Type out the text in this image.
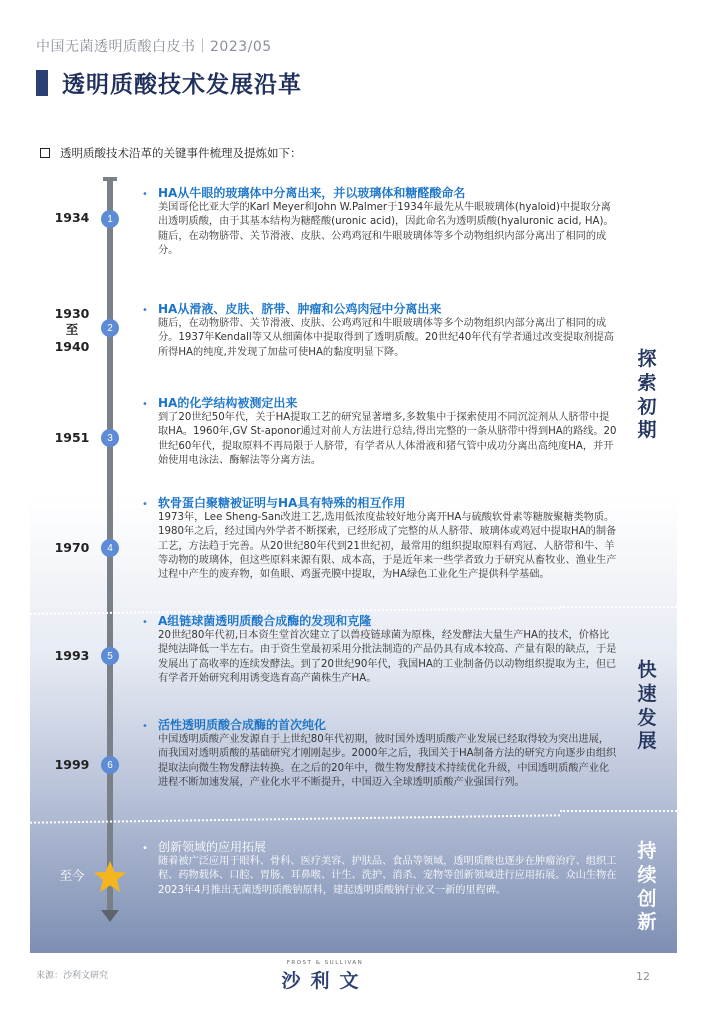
中国无菌透明质酸白皮书｜2023/05
透明质酸技术发展沿革
透明质酸技术沿革的关键事件梳理及提炼如下：
1934	1
• HA从牛眼的玻璃体中分离出来，并以玻璃体和糖醛酸命名
美国哥伦比亚大学的Karl Meyer和John W.Palmer于1934年最先从牛眼玻璃体(hyaloid)中提取分离出透明质酸，由于其基本结构为糖醛酸(uronic acid)，因此命名为透明质酸(hyaluronic acid, HA)。随后，在动物脐带、关节滑液、皮肤、公鸡鸡冠和牛眼玻璃体等多个动物组织内部分离出了相同的成分。
1930
至
1940
2
• HA从滑液、皮肤、脐带、肿瘤和公鸡肉冠中分离出来
随后，在动物脐带、关节滑液、皮肤、公鸡鸡冠和牛眼玻璃体等多个动物组织内部分离出了相同的成分。1937年Kendall等又从细菌体中提取得到了透明质酸。20世纪40年代有学者通过改变提取剂提高所得HA的纯度,并发现了加盐可使HA的黏度明显下降。
1951	3
• HA的化学结构被测定出来
到了20世纪50年代，关于HA提取工艺的研究显著增多,多数集中于探索使用不同沉淀剂从人脐带中提取HA。1960年,GV St-aponor通过对前人方法进行总结,得出完整的一条从脐带中得到HA的路线。20世纪60年代，提取原料不再局限于人脐带，有学者从人体滑液和猪气管中成功分离出高纯度HA，并开始使用电泳法、酶解法等分离方法。
1970	4
• 软骨蛋白聚糖被证明与HA具有特殊的相互作用
1973年，Lee Sheng-San改进工艺,选用低浓度盐较好地分离开HA与硫酸软骨素等糖胺聚糖类物质。1980年之后，经过国内外学者不断探索，已经形成了完整的从人脐带、玻璃体或鸡冠中提取HA的制备工艺，方法趋于完善。从20世纪80年代到21世纪初，最常用的组织提取原料有鸡冠、人脐带和牛、羊等动物的玻璃体，但这些原料来源有限、成本高，于是近年来一些学者致力于研究从畜牧业、渔业生产过程中产生的废弃物，如鱼眼、鸡蛋壳膜中提取，为HA绿色工业化生产提供科学基础。
1993	5
• A组链球菌透明质酸合成酶的发现和克隆
20世纪80年代初,日本资生堂首次建立了以兽疫链球菌为原株，经发酵法大量生产HA的技术，价格比提纯法降低一半左右。由于资生堂最初采用分批法制造的产品仍具有成本较高、产量有限的缺点，于是发展出了高收率的连续发酵法。到了20世纪90年代，我国HA的工业制备仍以动物组织提取为主，但已有学者开始研究利用诱变选育高产菌株生产HA。
1999	6
• 活性透明质酸合成酶的首次纯化
中国透明质酸产业发源自于上世纪80年代初期，彼时国外透明质酸产业发展已经取得较为突出进展，而我国对透明质酸的基础研究才刚刚起步。2000年之后，我国关于HA制备方法的研究方向逐步由组织提取法向微生物发酵法转换。在之后的20年中，微生物发酵技术持续优化升级，中国透明质酸产业化进程不断加速发展，产业化水平不断提升，中国迈入全球透明质酸产业强国行列。
至今
• 创新领域的应用拓展
随着被广泛应用于眼科、骨科、医疗美容、护肤品、食品等领域，透明质酸也逐步在肿瘤治疗、组织工程、药物载体、口腔、胃肠、耳鼻喉、计生、洗护、消杀、宠物等创新领域进行应用拓展。众山生物在2023年4月推出无菌透明质酸钠原料，建起透明质酸钠行业又一新的里程碑。
探
索
初
期
快
速
发
展
持
续
创
新
来源：沙利文研究
FROST & SULLIVAN
沙利文	12
